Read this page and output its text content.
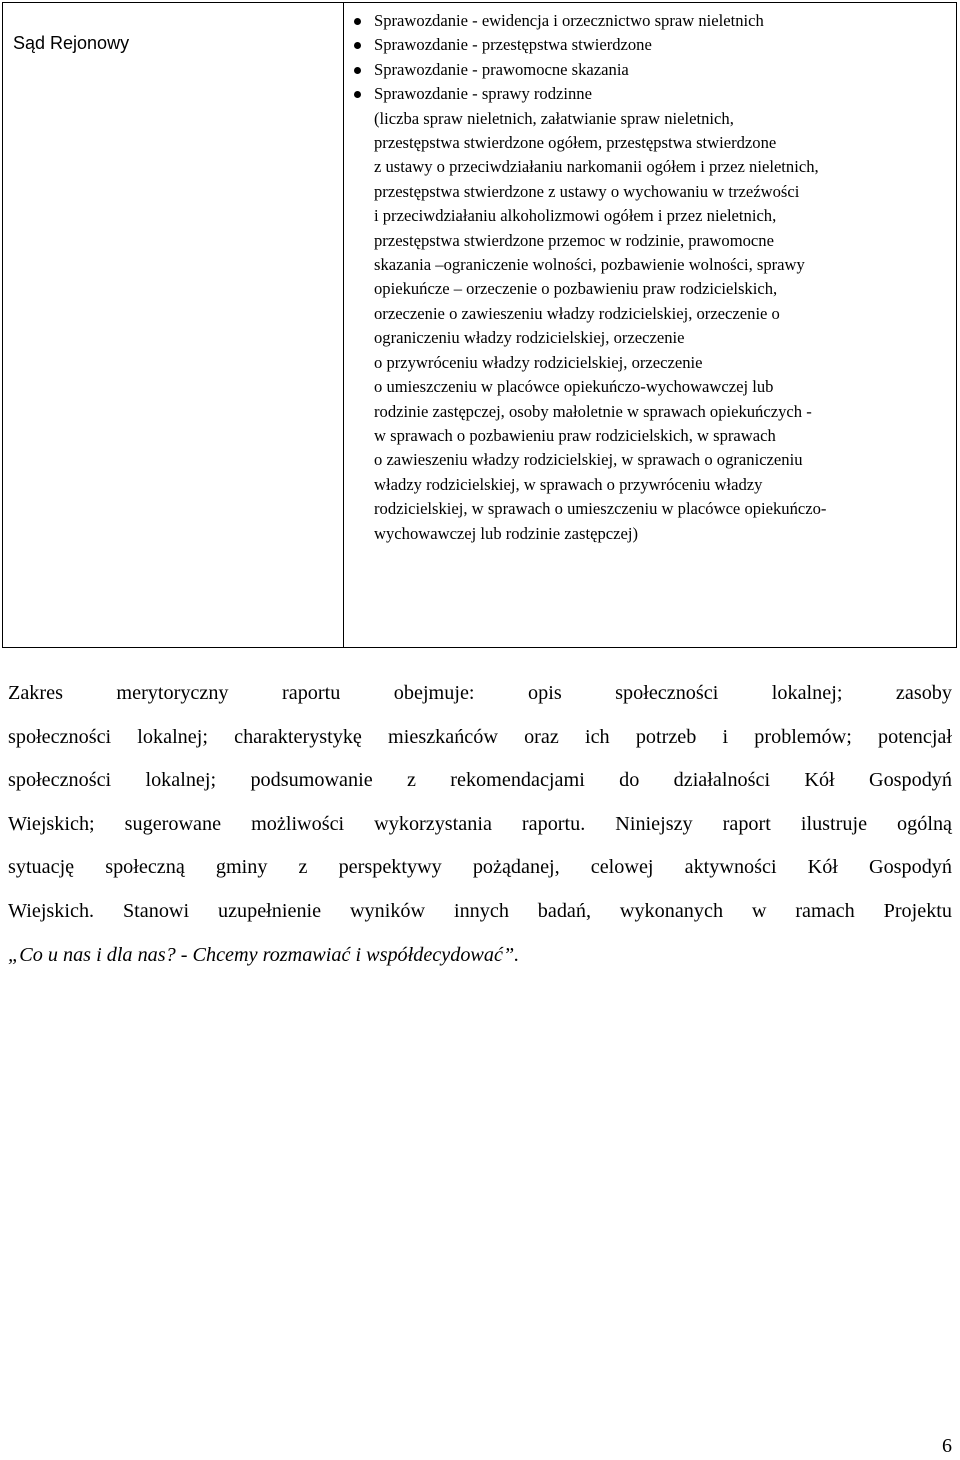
Sąd Rejonowy

Sprawozdanie - ewidencja i orzecznictwo spraw nieletnich
Sprawozdanie - przestępstwa stwierdzone
Sprawozdanie - prawomocne skazania
Sprawozdanie - sprawy rodzinne
(liczba spraw nieletnich, załatwianie spraw nieletnich,
przestępstwa stwierdzone ogółem, przestępstwa stwierdzone
z ustawy o przeciwdziałaniu narkomanii ogółem i przez nieletnich,
przestępstwa stwierdzone z ustawy o wychowaniu w trzeźwości
i przeciwdziałaniu alkoholizmowi ogółem i przez nieletnich,
przestępstwa stwierdzone przemoc w rodzinie, prawomocne
skazania –ograniczenie wolności, pozbawienie wolności, sprawy
opiekuńcze – orzeczenie o pozbawieniu praw rodzicielskich,
orzeczenie o zawieszeniu władzy rodzicielskiej, orzeczenie o
ograniczeniu władzy rodzicielskiej, orzeczenie
o przywróceniu władzy rodzicielskiej, orzeczenie
o umieszczeniu w placówce opiekuńczo-wychowawczej lub
rodzinie zastępczej, osoby małoletnie w sprawach opiekuńczych -
w sprawach o pozbawieniu praw rodzicielskich, w sprawach
o zawieszeniu władzy rodzicielskiej, w sprawach o ograniczeniu
władzy rodzicielskiej, w sprawach o przywróceniu władzy
rodzicielskiej, w sprawach o umieszczeniu w placówce opiekuńczo-
wychowawczej lub rodzinie zastępczej)
Zakres merytoryczny raportu obejmuje: opis społeczności lokalnej; zasoby
społeczności lokalnej; charakterystykę mieszkańców oraz ich potrzeb i problemów; potencjał
społeczności lokalnej; podsumowanie z rekomendacjami do działalności Kół Gospodyń
Wiejskich; sugerowane możliwości wykorzystania raportu. Niniejszy raport ilustruje ogólną
sytuację społeczną gminy z perspektywy pożądanej, celowej aktywności Kół Gospodyń
Wiejskich. Stanowi uzupełnienie wyników innych badań, wykonanych w ramach Projektu
„Co u nas i dla nas? - Chcemy rozmawiać i współdecydować”.
6
